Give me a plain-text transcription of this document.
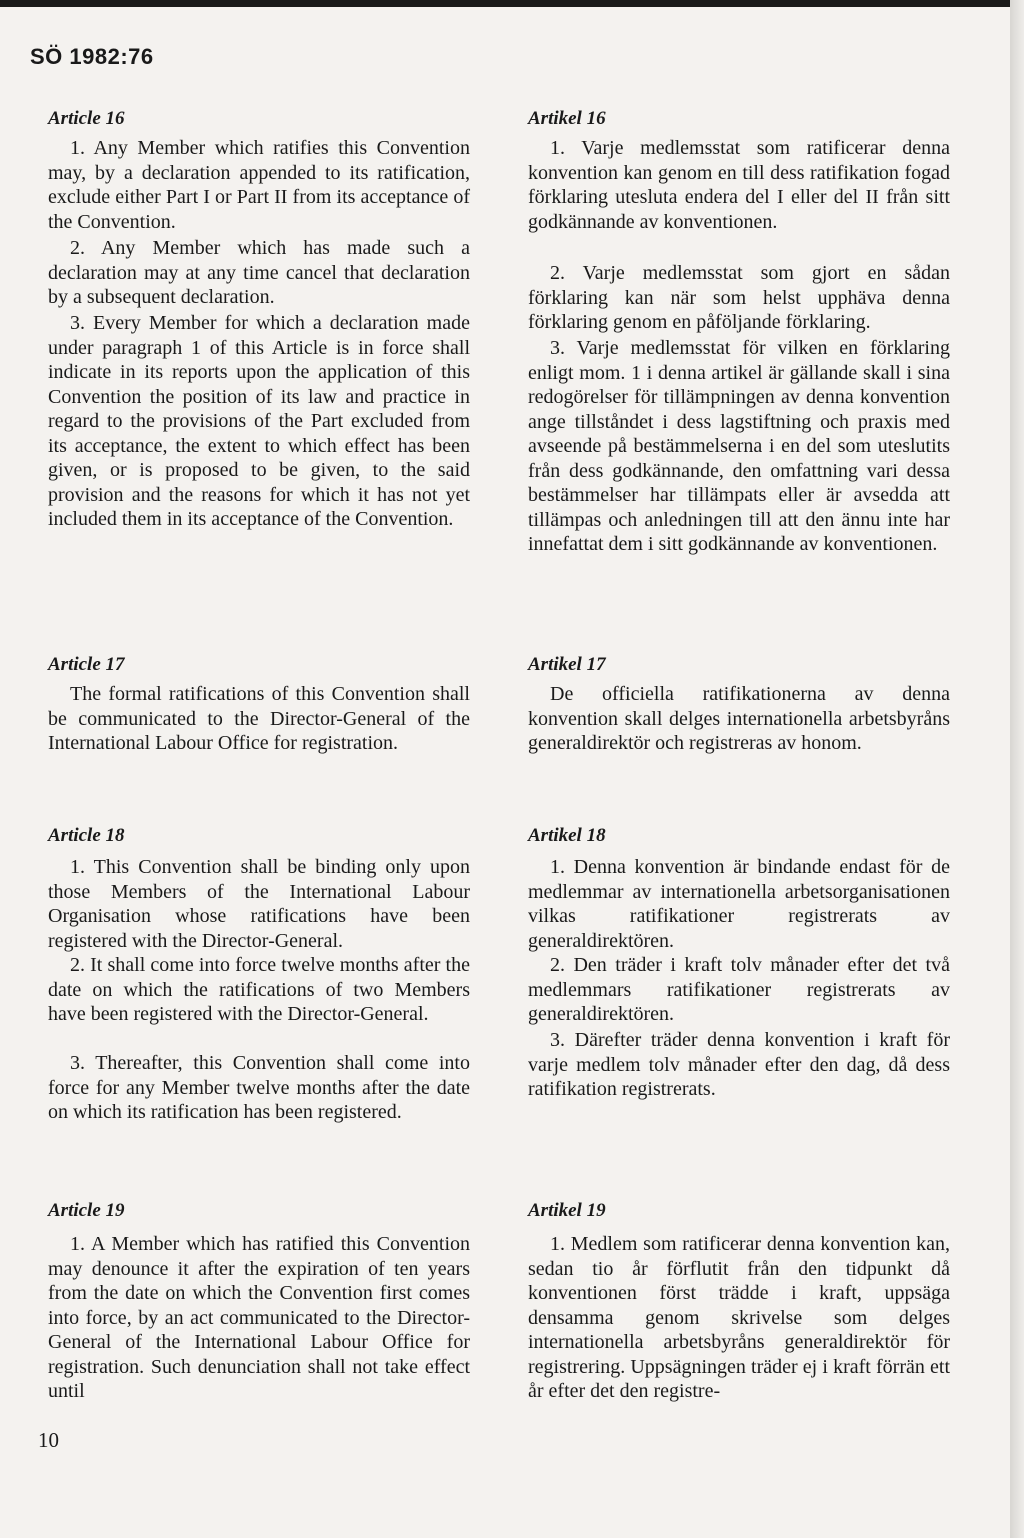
SÖ 1982:76
Article 16

1. Any Member which ratifies this Convention may, by a declaration appended to its ratification, exclude either Part I or Part II from its acceptance of the Convention.

2. Any Member which has made such a declaration may at any time cancel that declaration by a subsequent declaration.

3. Every Member for which a declaration made under paragraph 1 of this Article is in force shall indicate in its reports upon the application of this Convention the position of its law and practice in regard to the provisions of the Part excluded from its acceptance, the extent to which effect has been given, or is proposed to be given, to the said provision and the reasons for which it has not yet included them in its acceptance of the Convention.

Article 17

The formal ratifications of this Convention shall be communicated to the Director-General of the International Labour Office for registration.

Article 18

1. This Convention shall be binding only upon those Members of the International Labour Organisation whose ratifications have been registered with the Director-General.

2. It shall come into force twelve months after the date on which the ratifications of two Members have been registered with the Director-General.

3. Thereafter, this Convention shall come into force for any Member twelve months after the date on which its ratification has been registered.

Article 19

1. A Member which has ratified this Convention may denounce it after the expiration of ten years from the date on which the Convention first comes into force, by an act communicated to the Director-General of the International Labour Office for registration. Such denunciation shall not take effect until

Artikel 16

1. Varje medlemsstat som ratificerar denna konvention kan genom en till dess ratifikation fogad förklaring utesluta endera del I eller del II från sitt godkännande av konventionen.

2. Varje medlemsstat som gjort en sådan förklaring kan när som helst upphäva denna förklaring genom en påföljande förklaring.

3. Varje medlemsstat för vilken en förklaring enligt mom. 1 i denna artikel är gällande skall i sina redogörelser för tillämpningen av denna konvention ange tillståndet i dess lagstiftning och praxis med avseende på bestämmelserna i en del som uteslutits från dess godkännande, den omfattning vari dessa bestämmelser har tillämpats eller är avsedda att tillämpas och anledningen till att den ännu inte har innefattat dem i sitt godkännande av konventionen.

Artikel 17

De officiella ratifikationerna av denna konvention skall delges internationella arbetsbyråns generaldirektör och registreras av honom.

Artikel 18

1. Denna konvention är bindande endast för de medlemmar av internationella arbetsorganisationen vilkas ratifikationer registrerats av generaldirektören.

2. Den träder i kraft tolv månader efter det två medlemmars ratifikationer registrerats av generaldirektören.

3. Därefter träder denna konvention i kraft för varje medlem tolv månader efter den dag, då dess ratifikation registrerats.

Artikel 19

1. Medlem som ratificerar denna konvention kan, sedan tio år förflutit från den tidpunkt då konventionen först trädde i kraft, uppsäga densamma genom skrivelse som delges internationella arbetsbyråns generaldirektör för registrering. Uppsägningen träder ej i kraft förrän ett år efter det den registre-

10
